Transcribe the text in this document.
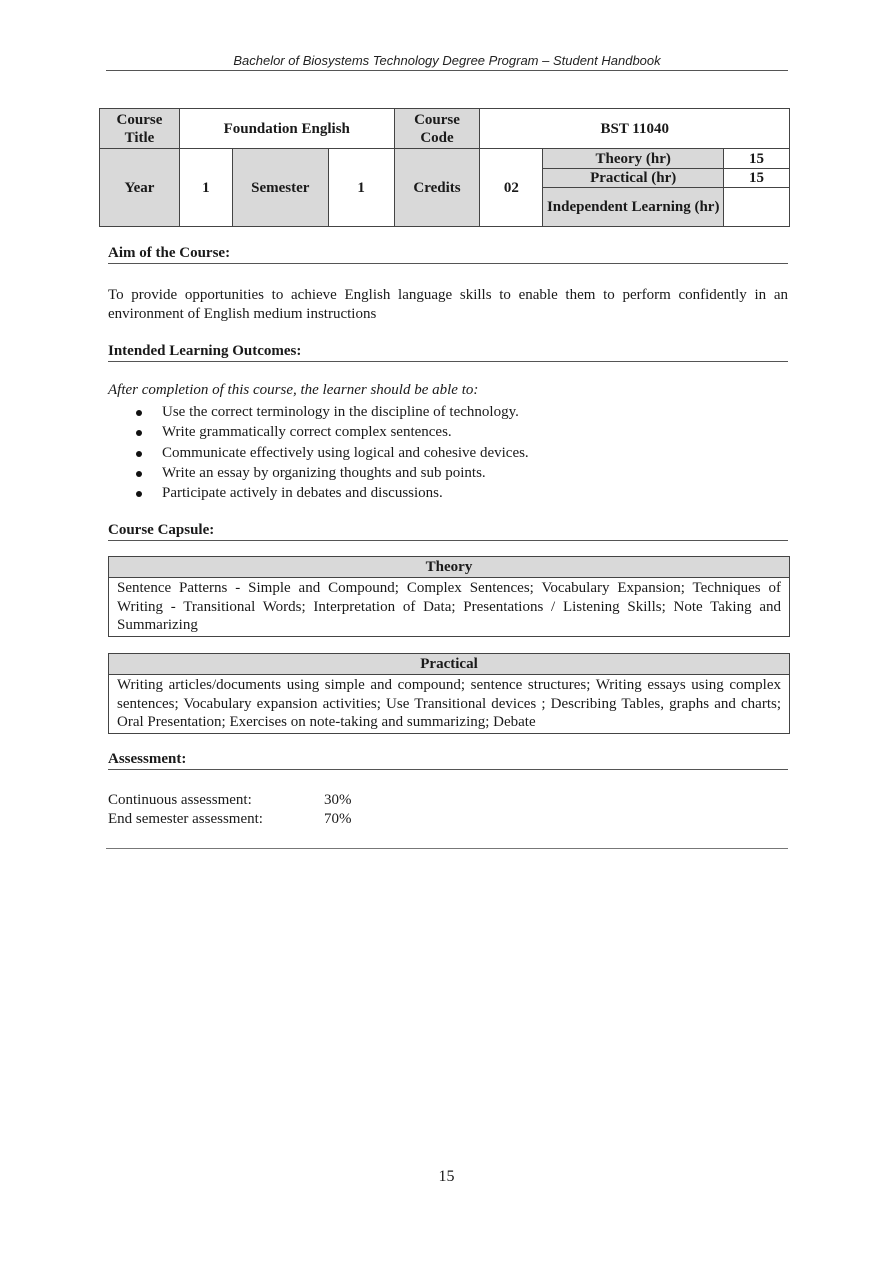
Bachelor of Biosystems Technology Degree Program – Student Handbook
Course Title	Foundation English			Course Code	BST 11040		
Year	1	Semester	1	Credits	02	Theory (hr)	15
						Practical (hr)	15
						Independent Learning (hr)	
Aim of the Course:
To provide opportunities to achieve English language skills to enable them to perform confidently in an environment of English medium instructions
Intended Learning Outcomes:
After completion of this course, the learner should be able to:
Use the correct terminology in the discipline of technology.
Write grammatically correct complex sentences.
Communicate effectively using logical and cohesive devices.
Write an essay by organizing thoughts and sub points.
Participate actively in debates and discussions.
Course Capsule:
Theory
Sentence Patterns - Simple and Compound; Complex Sentences; Vocabulary Expansion; Techniques of Writing - Transitional Words; Interpretation of Data; Presentations / Listening Skills; Note Taking and Summarizing
Practical
Writing articles/documents using simple and compound; sentence structures; Writing essays using complex sentences; Vocabulary expansion activities; Use Transitional devices ; Describing Tables, graphs and charts; Oral Presentation; Exercises on note-taking and summarizing; Debate
Assessment:
Continuous assessment:	30%
End semester assessment:	70%
15
